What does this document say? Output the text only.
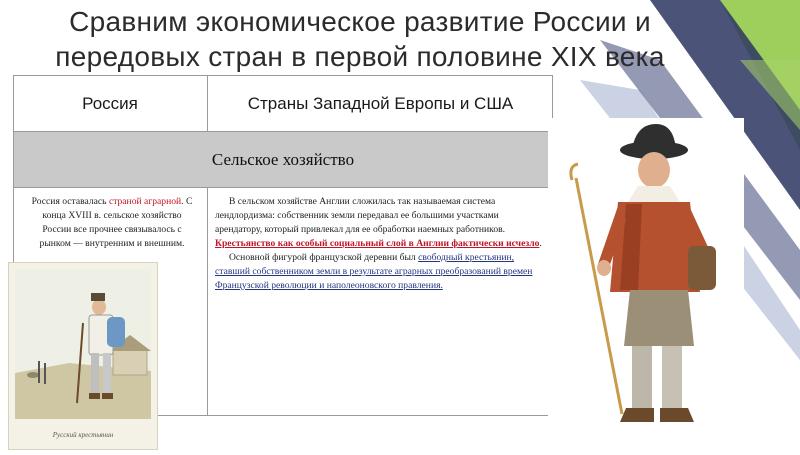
Сравним экономическое развитие России и передовых стран в первой половине XIX века
Россия	Страны Западной Европы и США
Сельское хозяйство
Россия оставалась страной аграрной. С конца XVIII в. сельское хозяйство России все прочнее связывалось с рынком — внутренним и внешним.
В сельском хозяйстве Англии сложилась так называемая система лендлордизма: собственник земли передавал ее большими участками арендатору, который привлекал для ее обработки наемных работников. Крестьянство как особый социальный слой в Англии фактически исчезло.
Основной фигурой французской деревни был свободный крестьянин, ставший собственником земли в результате аграрных преобразований времен Французской революции и наполеоновского правления.
Русский крестьянин
